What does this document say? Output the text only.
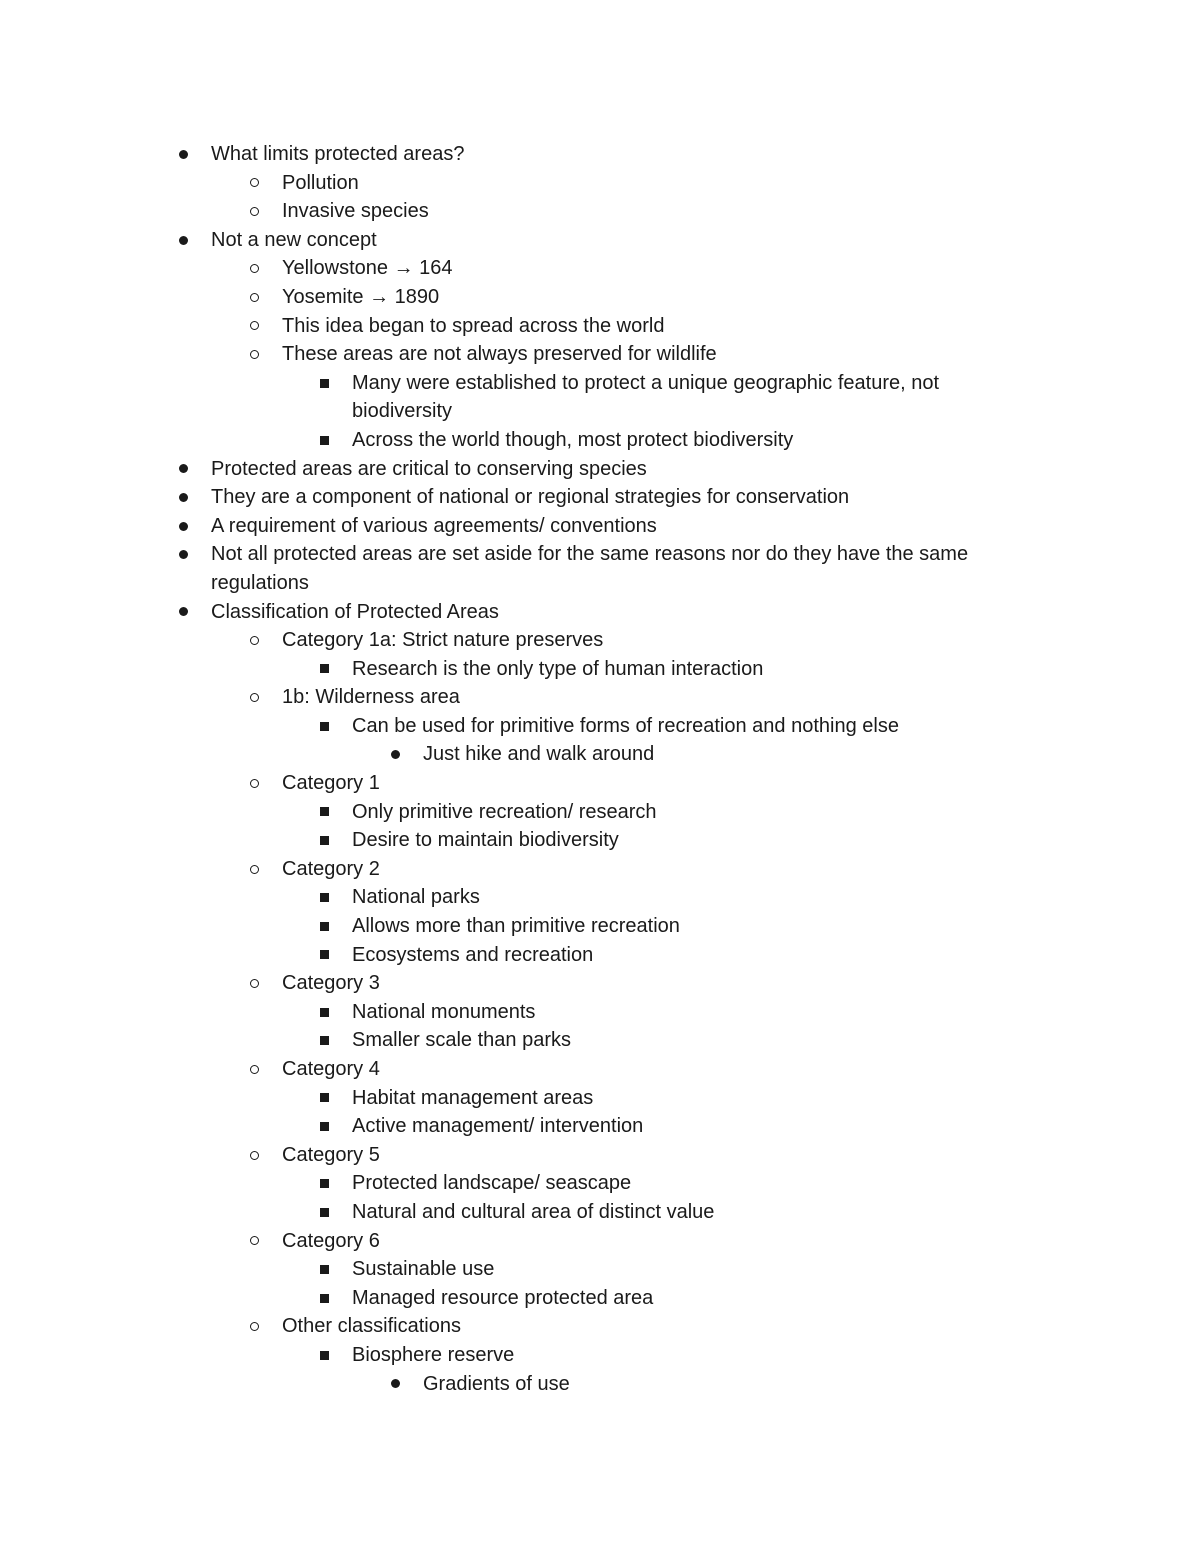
What limits protected areas?
Pollution
Invasive species
Not a new concept
Yellowstone → 164
Yosemite → 1890
This idea began to spread across the world
These areas are not always preserved for wildlife
Many were established to protect a unique geographic feature, not biodiversity
Across the world though, most protect biodiversity
Protected areas are critical to conserving species
They are a component of national or regional strategies for conservation
A requirement of various agreements/ conventions
Not all protected areas are set aside for the same reasons nor do they have the same regulations
Classification of Protected Areas
Category 1a: Strict nature preserves
Research is the only type of human interaction
1b: Wilderness area
Can be used for primitive forms of recreation and nothing else
Just hike and walk around
Category 1
Only primitive recreation/ research
Desire to maintain biodiversity
Category 2
National parks
Allows more than primitive recreation
Ecosystems and recreation
Category 3
National monuments
Smaller scale than parks
Category 4
Habitat management areas
Active management/ intervention
Category 5
Protected landscape/ seascape
Natural and cultural area of distinct value
Category 6
Sustainable use
Managed resource protected area
Other classifications
Biosphere reserve
Gradients of use
